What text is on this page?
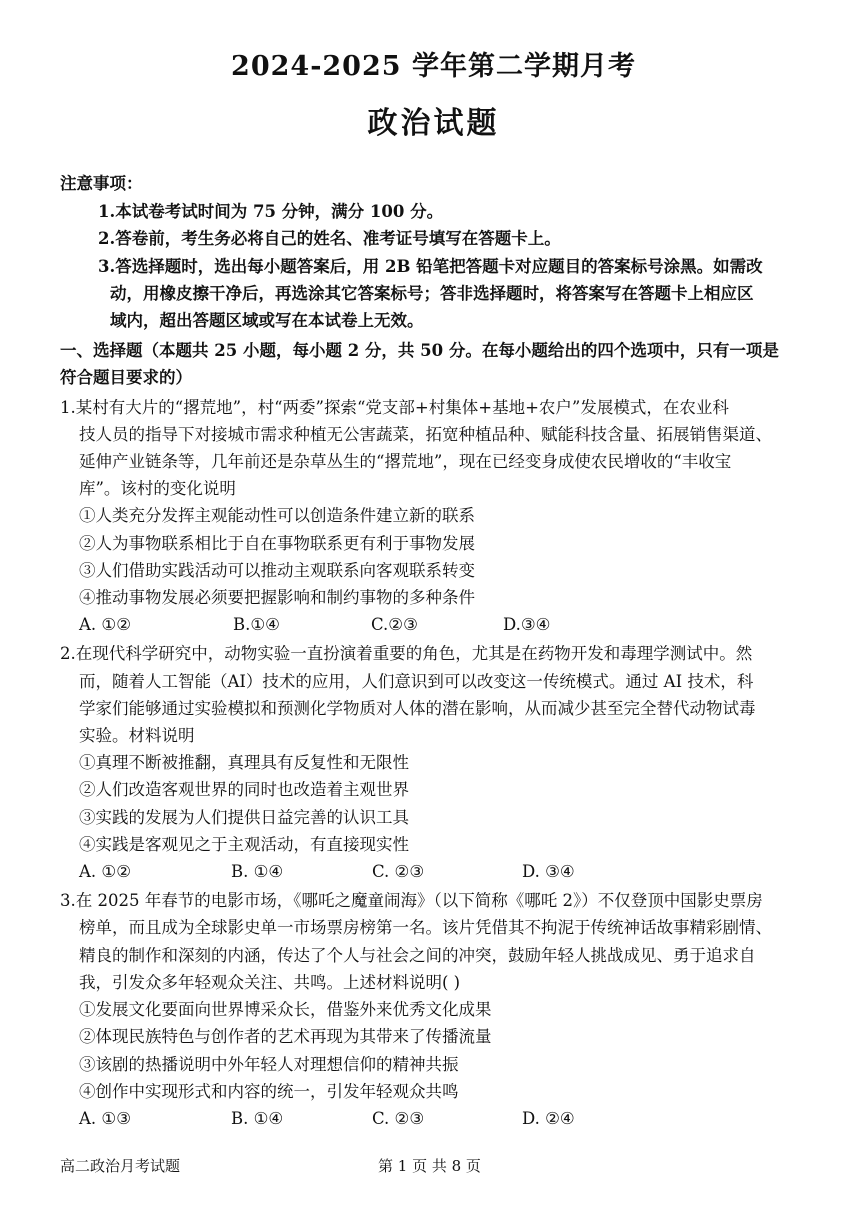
2024-2025 学年第二学期月考
政治试题
注意事项：
1.本试卷考试时间为 75 分钟，满分 100 分。
2.答卷前，考生务必将自己的姓名、准考证号填写在答题卡上。
3.答选择题时，选出每小题答案后，用 2B 铅笔把答题卡对应题目的答案标号涂黑。如需改
动，用橡皮擦干净后，再选涂其它答案标号；答非选择题时，将答案写在答题卡上相应区
域内，超出答题区域或写在本试卷上无效。
一、选择题（本题共 25 小题，每小题 2 分，共 50 分。在每小题给出的四个选项中，只有一项是
符合题目要求的）
1.某村有大片的“撂荒地”，村“两委”探索“党支部+村集体+基地+农户”发展模式，在农业科
技人员的指导下对接城市需求种植无公害蔬菜，拓宽种植品种、赋能科技含量、拓展销售渠道、
延伸产业链条等，几年前还是杂草丛生的“撂荒地”，现在已经变身成使农民增收的“丰收宝
库”。该村的变化说明
①人类充分发挥主观能动性可以创造条件建立新的联系
②人为事物联系相比于自在事物联系更有利于事物发展
③人们借助实践活动可以推动主观联系向客观联系转变
④推动事物发展必须要把握影响和制约事物的多种条件
A. ①②	B.①④	C.②③	D.③④
2.在现代科学研究中，动物实验一直扮演着重要的角色，尤其是在药物开发和毒理学测试中。然
而，随着人工智能（AI）技术的应用，人们意识到可以改变这一传统模式。通过 AI 技术，科
学家们能够通过实验模拟和预测化学物质对人体的潜在影响，从而减少甚至完全替代动物试毒
实验。材料说明
①真理不断被推翻，真理具有反复性和无限性
②人们改造客观世界的同时也改造着主观世界
③实践的发展为人们提供日益完善的认识工具
④实践是客观见之于主观活动，有直接现实性
A. ①②	B. ①④	C. ②③	D. ③④
3.在 2025 年春节的电影市场，《哪吒之魔童闹海》（以下简称《哪吒 2》）不仅登顶中国影史票房
榜单，而且成为全球影史单一市场票房榜第一名。该片凭借其不拘泥于传统神话故事精彩剧情、
精良的制作和深刻的内涵，传达了个人与社会之间的冲突，鼓励年轻人挑战成见、勇于追求自
我，引发众多年轻观众关注、共鸣。上述材料说明( )
①发展文化要面向世界博采众长，借鉴外来优秀文化成果
②体现民族特色与创作者的艺术再现为其带来了传播流量
③该剧的热播说明中外年轻人对理想信仰的精神共振
④创作中实现形式和内容的统一，引发年轻观众共鸣
A. ①③	B. ①④	C. ②③	D. ②④
高二政治月考试题	第 1 页 共 8 页
